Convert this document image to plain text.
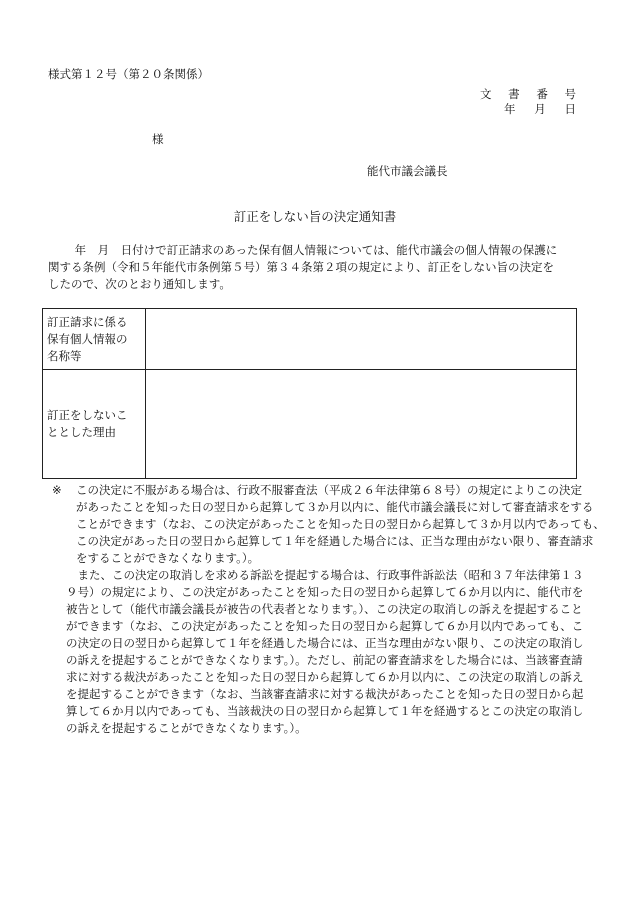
様式第１２号（第２０条関係）
文 書 番 号
年 月 日
様
能代市議会議長
訂正をしない旨の決定通知書

　　 年　月　日付けで訂正請求のあった保有個人情報については、能代市議会の個人情報の保護に

関する条例（令和５年能代市条例第５号）第３４条第２項の規定により、訂正をしない旨の決定を

したので、次のとおり通知します。

訂正請求に係る
保有個人情報の
名称等	

訂正をしないこ
ととした理由	

※ この決定に不服がある場合は、行政不服審査法（平成２６年法律第６８号）の規定によりこの決定

があったことを知った日の翌日から起算して３か月以内に、能代市議会議長に対して審査請求をする

ことができます（なお、この決定があったことを知った日の翌日から起算して３か月以内であっても、

この決定があった日の翌日から起算して１年を経過した場合には、正当な理由がない限り、審査請求

をすることができなくなります。）。

　また、この決定の取消しを求める訴訟を提起する場合は、行政事件訴訟法（昭和３７年法律第１３

９号）の規定により、この決定があったことを知った日の翌日から起算して６か月以内に、能代市を

被告として（能代市議会議長が被告の代表者となります。）、この決定の取消しの訴えを提起すること

ができます（なお、この決定があったことを知った日の翌日から起算して６か月以内であっても、こ

の決定の日の翌日から起算して１年を経過した場合には、正当な理由がない限り、この決定の取消し

の訴えを提起することができなくなります。）。ただし、前記の審査請求をした場合には、当該審査請

求に対する裁決があったことを知った日の翌日から起算して６か月以内に、この決定の取消しの訴え

を提起することができます（なお、当該審査請求に対する裁決があったことを知った日の翌日から起

算して６か月以内であっても、当該裁決の日の翌日から起算して１年を経過するとこの決定の取消し

の訴えを提起することができなくなります。）。
